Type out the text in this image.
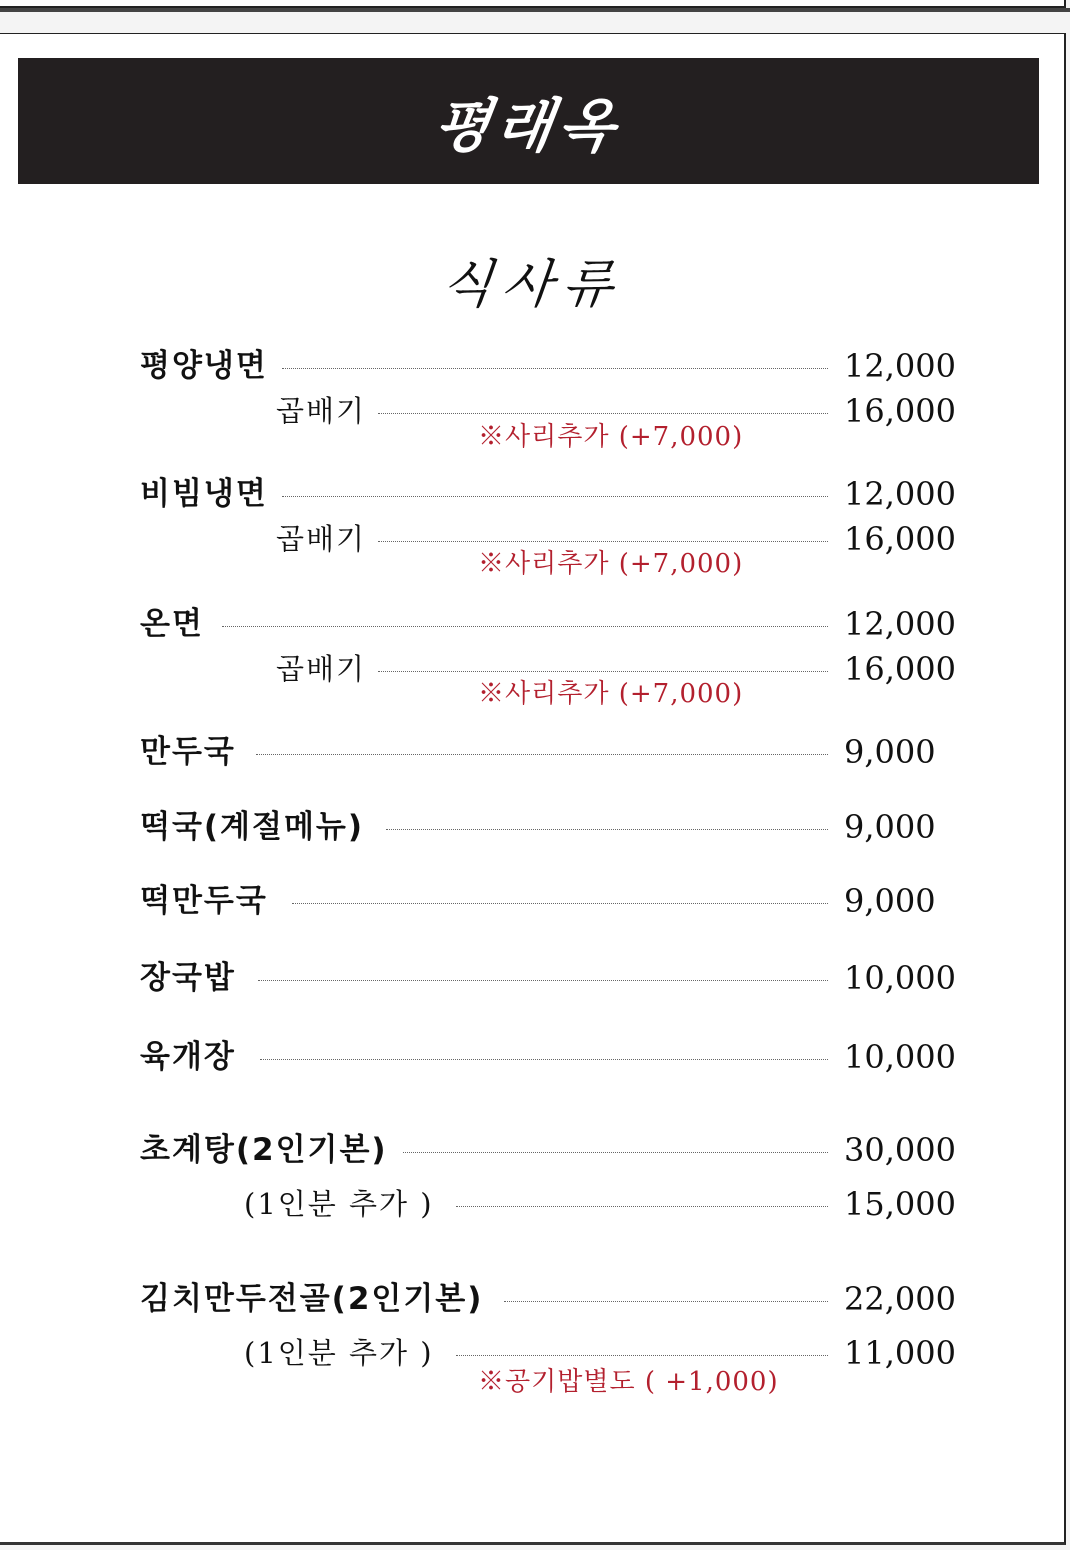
평래옥
식사류
평양냉면	12,000
곱배기	16,000
※사리추가 (+7,000)
비빔냉면	12,000
곱배기	16,000
※사리추가 (+7,000)
온면	12,000
곱배기	16,000
※사리추가 (+7,000)
만두국	9,000
떡국(계절메뉴)	9,000
떡만두국	9,000
장국밥	10,000
육개장	10,000
초계탕(2인기본)	30,000
(1인분 추가 )	15,000
김치만두전골(2인기본)	22,000
(1인분 추가 )	11,000
※공기밥별도 ( +1,000)
